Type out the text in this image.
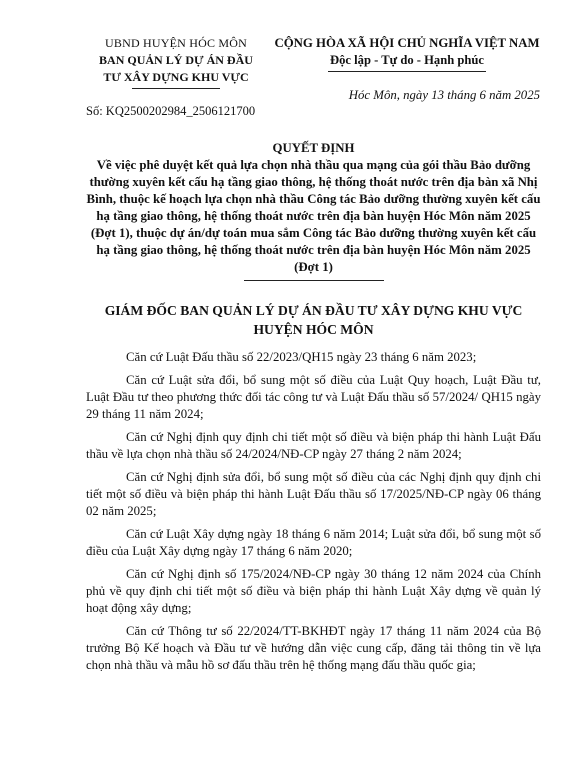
UBND HUYỆN HÓC MÔN
BAN QUẢN LÝ DỰ ÁN ĐẦU
TƯ XÂY DỰNG KHU VỰC
Số: KQ2500202984_2506121700
CỘNG HÒA XÃ HỘI CHỦ NGHĨA VIỆT NAM
Độc lập - Tự do - Hạnh phúc
Hóc Môn, ngày 13 tháng 6 năm 2025
QUYẾT ĐỊNH
Về việc phê duyệt kết quả lựa chọn nhà thầu qua mạng của gói thầu Bảo dưỡng thường xuyên kết cấu hạ tầng giao thông, hệ thống thoát nước trên địa bàn xã Nhị Bình, thuộc kế hoạch lựa chọn nhà thầu Công tác Bảo dưỡng thường xuyên kết cấu hạ tầng giao thông, hệ thống thoát nước trên địa bàn huyện Hóc Môn năm 2025 (Đợt 1), thuộc dự án/dự toán mua sắm Công tác Bảo dưỡng thường xuyên kết cấu hạ tầng giao thông, hệ thống thoát nước trên địa bàn huyện Hóc Môn năm 2025 (Đợt 1)
GIÁM ĐỐC BAN QUẢN LÝ DỰ ÁN ĐẦU TƯ XÂY DỰNG KHU VỰC HUYỆN HÓC MÔN

Căn cứ Luật Đấu thầu số 22/2023/QH15 ngày 23 tháng 6 năm 2023;

Căn cứ Luật sửa đổi, bổ sung một số điều của Luật Quy hoạch, Luật Đầu tư, Luật Đầu tư theo phương thức đối tác công tư và Luật Đấu thầu số 57/2024/ QH15 ngày 29 tháng 11 năm 2024;

Căn cứ Nghị định quy định chi tiết một số điều và biện pháp thi hành Luật Đấu thầu về lựa chọn nhà thầu số 24/2024/NĐ-CP ngày 27 tháng 2 năm 2024;

Căn cứ Nghị định sửa đổi, bổ sung một số điều của các Nghị định quy định chi tiết một số điều và biện pháp thi hành Luật Đấu thầu số 17/2025/NĐ-CP ngày 06 tháng 02 năm 2025;

Căn cứ Luật Xây dựng ngày 18 tháng 6 năm 2014; Luật sửa đổi, bổ sung một số điều của Luật Xây dựng ngày 17 tháng 6 năm 2020;

Căn cứ Nghị định số 175/2024/NĐ-CP ngày 30 tháng 12 năm 2024 của Chính phủ về quy định chi tiết một số điều và biện pháp thi hành Luật Xây dựng về quản lý hoạt động xây dựng;

Căn cứ Thông tư số 22/2024/TT-BKHĐT ngày 17 tháng 11 năm 2024 của Bộ trưởng Bộ Kế hoạch và Đầu tư về hướng dẫn việc cung cấp, đăng tải thông tin về lựa chọn nhà thầu và mẫu hồ sơ đấu thầu trên hệ thống mạng đấu thầu quốc gia;
